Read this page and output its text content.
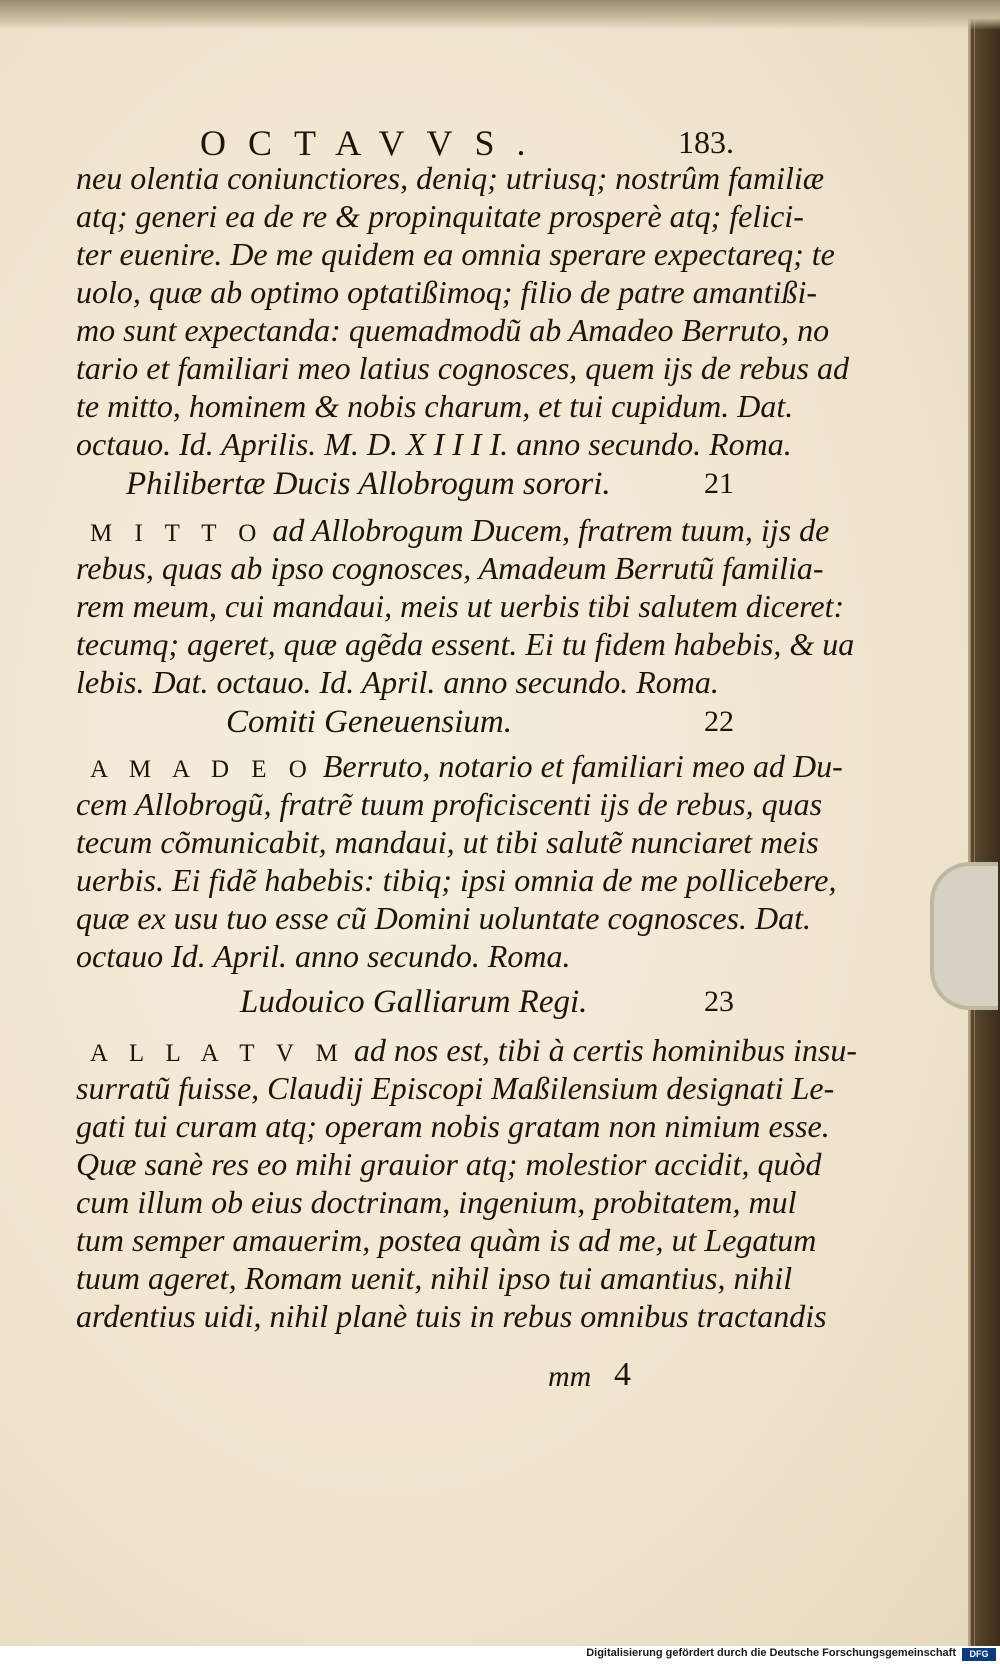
OCTAVVS.	183.
neu olentia coniunctiores, deniq; utriusq; nostrûm familiæ
atq; generi ea de re & propinquitate prosperè atq; felici-
ter euenire. De me quidem ea omnia sperare expectareq; te
uolo, quæ ab optimo optatißimoq; filio de patre amantißi-
mo sunt expectanda: quemadmodũ ab Amadeo Berruto, no
tario et familiari meo latius cognosces, quem ijs de rebus ad
te mitto, hominem & nobis charum, et tui cupidum. Dat.
octauo. Id. Aprilis. M. D. X I I I I. anno secundo. Roma.
Philibertæ Ducis Allobrogum sorori.	21
M I T T O ad Allobrogum Ducem, fratrem tuum, ijs de
rebus, quas ab ipso cognosces, Amadeum Berrutũ familia-
rem meum, cui mandaui, meis ut uerbis tibi salutem diceret:
tecumq; ageret, quæ agẽda essent. Ei tu fidem habebis, & ua
lebis. Dat. octauo. Id. April. anno secundo. Roma.
Comiti Geneuensium.	22
A M A D E O Berruto, notario et familiari meo ad Du-
cem Allobrogũ, fratrẽ tuum proficiscenti ijs de rebus, quas
tecum cõmunicabit, mandaui, ut tibi salutẽ nunciaret meis
uerbis. Ei fidẽ habebis: tibiq; ipsi omnia de me pollicebere,
quæ ex usu tuo esse cũ Domini uoluntate cognosces. Dat.
octauo Id. April. anno secundo. Roma.
Ludouico Galliarum Regi.	23
A L L A T V M ad nos est, tibi à certis hominibus insu-
surratũ fuisse, Claudij Episcopi Maßilensium designati Le-
gati tui curam atq; operam nobis gratam non nimium esse.
Quæ sanè res eo mihi grauior atq; molestior accidit, quòd
cum illum ob eius doctrinam, ingenium, probitatem, mul
tum semper amauerim, postea quàm is ad me, ut Legatum
tuum ageret, Romam uenit, nihil ipso tui amantius, nihil
ardentius uidi, nihil planè tuis in rebus omnibus tractandis
mm 4
Digitalisierung gefördert durch die Deutsche Forschungsgemeinschaft	DFG
